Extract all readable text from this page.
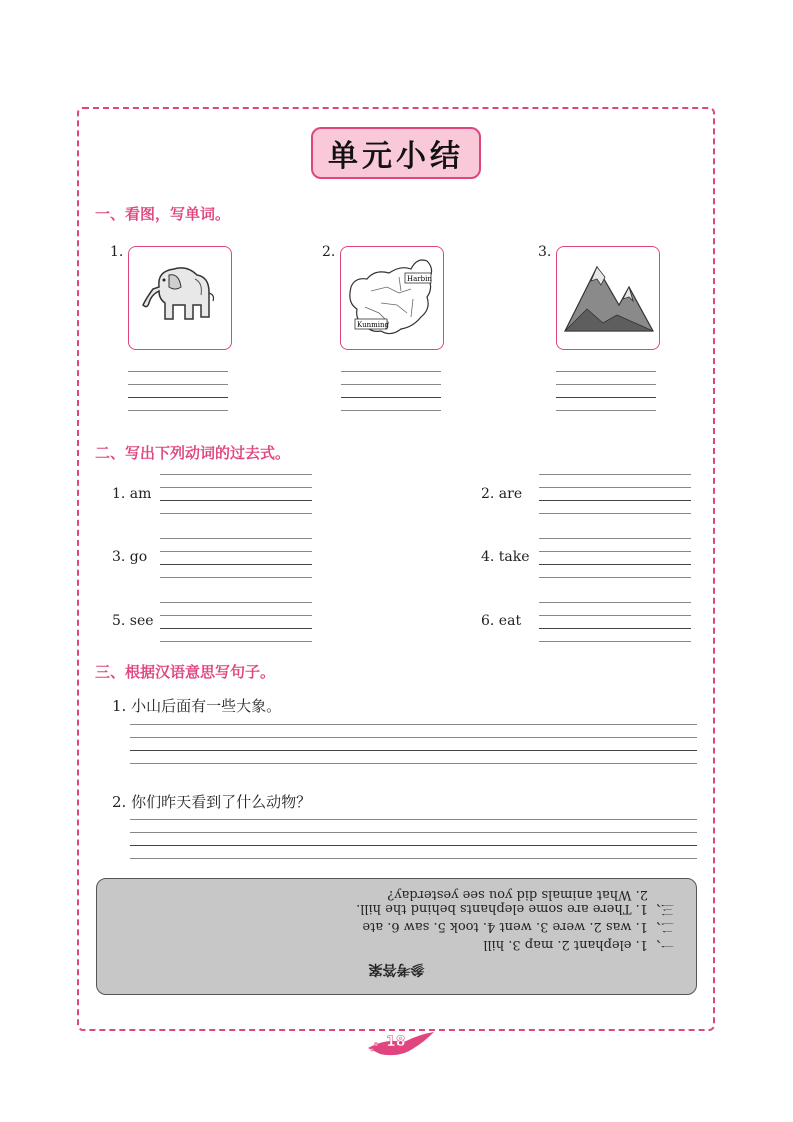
单元小结
一、看图，写单词。
1.	2.
Harbin
Kunming
3.
二、写出下列动词的过去式。
1. am	2. are
3. go	4. take
5. see	6. eat
三、根据汉语意思写句子。
1. 小山后面有一些大象。
2. 你们昨天看到了什么动物？
参考答案
一、1. elephant 2. map 3. hill
二、1. was 2. were 3. went 4. took 5. saw 6. ate
三、1. There are some elephants behind the hill.
2. What animals did you see yesterday?
18
